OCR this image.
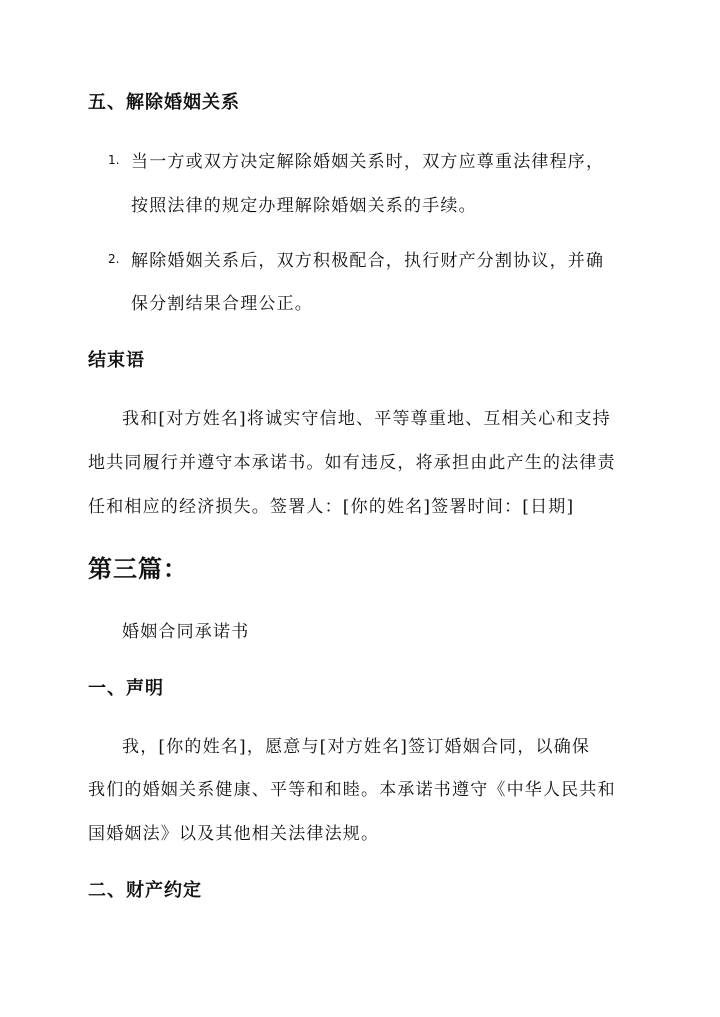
五、解除婚姻关系
1. 当一方或双方决定解除婚姻关系时，双方应尊重法律程序，
按照法律的规定办理解除婚姻关系的手续。
2. 解除婚姻关系后，双方积极配合，执行财产分割协议，并确
保分割结果合理公正。
结束语
我和[对方姓名]将诚实守信地、平等尊重地、互相关心和支持
地共同履行并遵守本承诺书。如有违反，将承担由此产生的法律责
任和相应的经济损失。签署人：[你的姓名]签署时间：[日期]
第三篇：
婚姻合同承诺书
一、声明
我，[你的姓名]，愿意与[对方姓名]签订婚姻合同，以确保
我们的婚姻关系健康、平等和和睦。本承诺书遵守《中华人民共和
国婚姻法》以及其他相关法律法规。
二、财产约定
